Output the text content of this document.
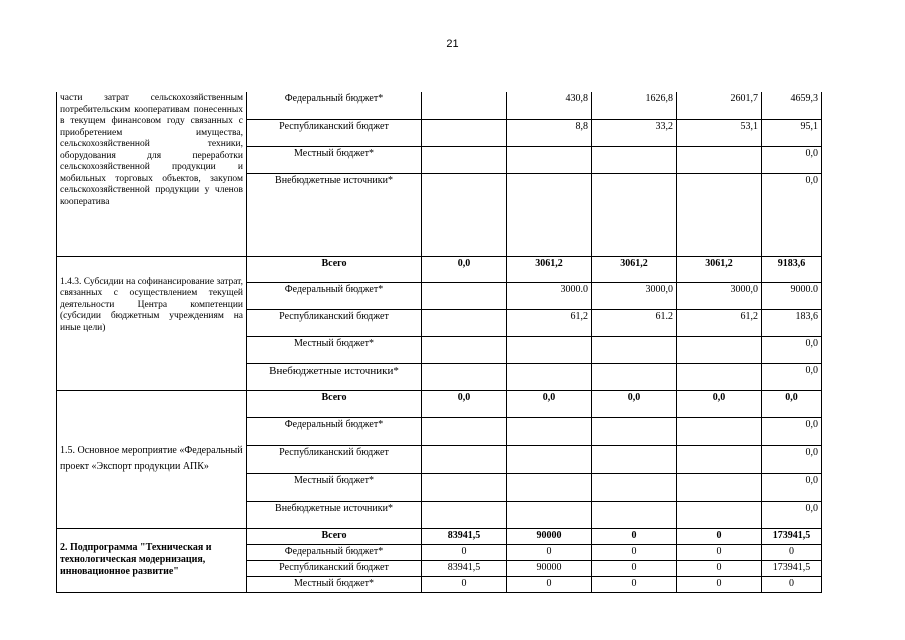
21
части затрат сельскохозяйственным потребительским кооперативам понесенных в текущем финансовом году связанных с приобретением имущества, сельскохозяйственной техники, оборудования для переработки сельскохозяйственной продукции и мобильных торговых объектов, закупом сельскохозяйственной продукции у членов кооператива	Федеральный бюджет*		430,8	1626,8	2601,7	4659,3
	Республиканский бюджет		8,8	33,2	53,1	95,1
	Местный бюджет*					0,0
	Внебюджетные источники*					0,0
1.4.3. Субсидии на софинансирование затрат, связанных с осуществлением текущей деятельности Центра компетенции (субсидии бюджетным учреждениям на иные цели)	Всего	0,0	3061,2	3061,2	3061,2	9183,6
	Федеральный бюджет*		3000.0	3000,0	3000,0	9000.0
	Республиканский бюджет		61,2	61.2	61,2	183,6
	Местный бюджет*					0,0
	Внебюджетные источники*					0,0
1.5. Основное мероприятие «Федеральный проект «Экспорт продукции АПК»	Всего	0,0	0,0	0,0	0,0	0,0
	Федеральный бюджет*					0,0
	Республиканский бюджет					0,0
	Местный бюджет*					0,0
	Внебюджетные источники*					0,0
2. Подпрограмма "Техническая и технологическая модернизация, инновационное развитие"	Всего	83941,5	90000	0	0	173941,5
	Федеральный бюджет*	0	0	0	0	0
	Республиканский бюджет	83941,5	90000	0	0	173941,5
	Местный бюджет*	0	0	0	0	0
